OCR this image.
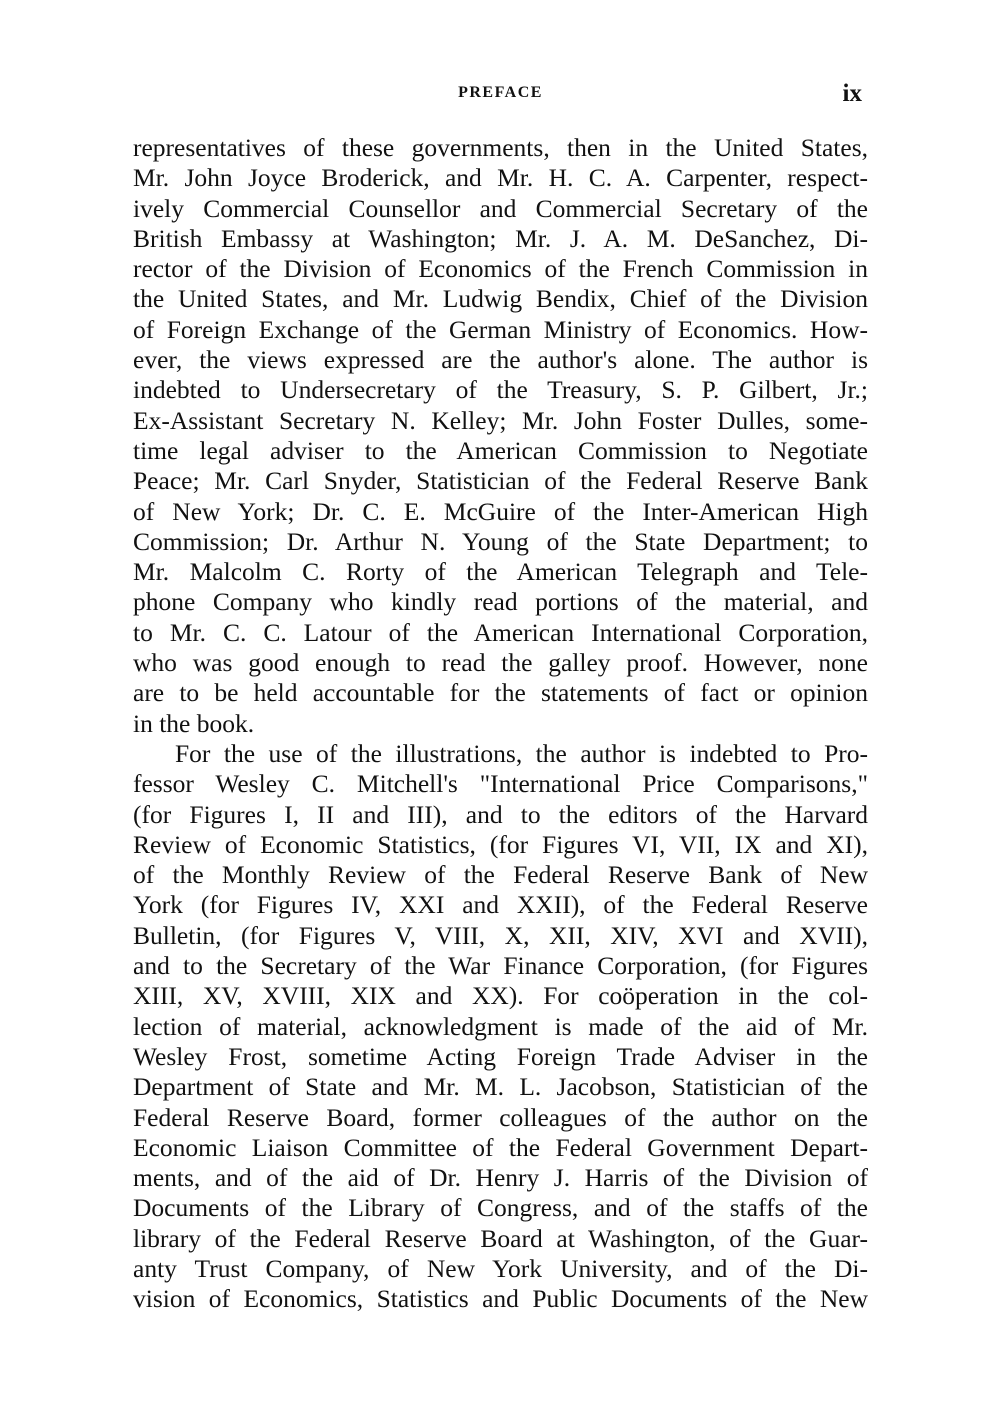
PREFACE	ix
representatives of these governments, then in the United States,
Mr. John Joyce Broderick, and Mr. H. C. A. Carpenter, respect-
ively Commercial Counsellor and Commercial Secretary of the
British Embassy at Washington; Mr. J. A. M. DeSanchez, Di-
rector of the Division of Economics of the French Commission in
the United States, and Mr. Ludwig Bendix, Chief of the Division
of Foreign Exchange of the German Ministry of Economics. How-
ever, the views expressed are the author's alone. The author is
indebted to Undersecretary of the Treasury, S. P. Gilbert, Jr.;
Ex-Assistant Secretary N. Kelley; Mr. John Foster Dulles, some-
time legal adviser to the American Commission to Negotiate
Peace; Mr. Carl Snyder, Statistician of the Federal Reserve Bank
of New York; Dr. C. E. McGuire of the Inter-American High
Commission; Dr. Arthur N. Young of the State Department; to
Mr. Malcolm C. Rorty of the American Telegraph and Tele-
phone Company who kindly read portions of the material, and
to Mr. C. C. Latour of the American International Corporation,
who was good enough to read the galley proof. However, none
are to be held accountable for the statements of fact or opinion
in the book.
For the use of the illustrations, the author is indebted to Pro-
fessor Wesley C. Mitchell's "International Price Comparisons,"
(for Figures I, II and III), and to the editors of the Harvard
Review of Economic Statistics, (for Figures VI, VII, IX and XI),
of the Monthly Review of the Federal Reserve Bank of New
York (for Figures IV, XXI and XXII), of the Federal Reserve
Bulletin, (for Figures V, VIII, X, XII, XIV, XVI and XVII),
and to the Secretary of the War Finance Corporation, (for Figures
XIII, XV, XVIII, XIX and XX). For coöperation in the col-
lection of material, acknowledgment is made of the aid of Mr.
Wesley Frost, sometime Acting Foreign Trade Adviser in the
Department of State and Mr. M. L. Jacobson, Statistician of the
Federal Reserve Board, former colleagues of the author on the
Economic Liaison Committee of the Federal Government Depart-
ments, and of the aid of Dr. Henry J. Harris of the Division of
Documents of the Library of Congress, and of the staffs of the
library of the Federal Reserve Board at Washington, of the Guar-
anty Trust Company, of New York University, and of the Di-
vision of Economics, Statistics and Public Documents of the New
